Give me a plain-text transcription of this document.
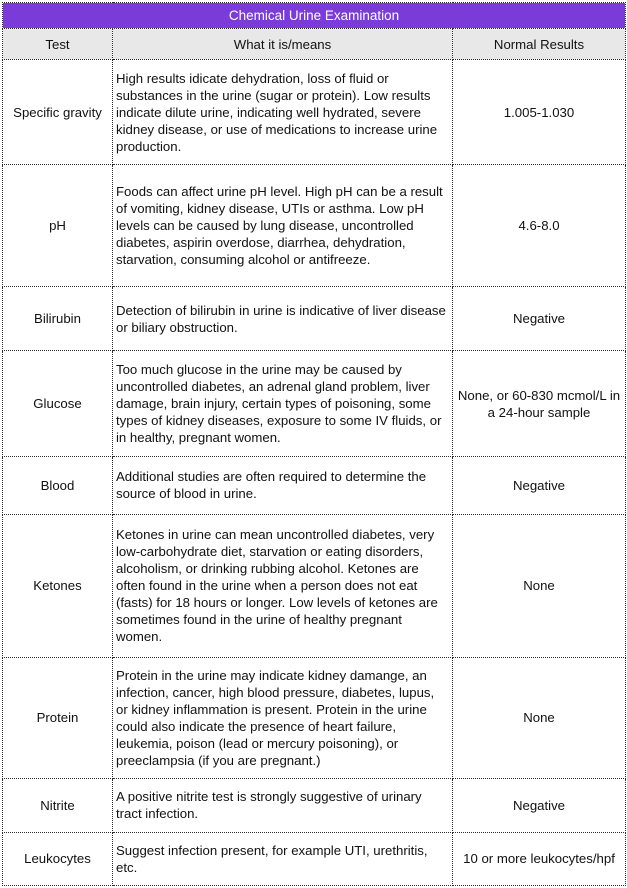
Chemical Urine Examination		
Test	What it is/means	Normal Results
Specific gravity	High results idicate dehydration, loss of fluid or substances in the urine (sugar or protein). Low results indicate dilute urine, indicating well hydrated, severe kidney disease, or use of medications to increase urine production.	1.005-1.030
pH	Foods can affect urine pH level. High pH can be a result of vomiting, kidney disease, UTIs or asthma. Low pH levels can be caused by lung disease, uncontrolled diabetes, aspirin overdose, diarrhea, dehydration, starvation, consuming alcohol or antifreeze.	4.6-8.0
Bilirubin	Detection of bilirubin in urine is indicative of liver disease or biliary obstruction.	Negative
Glucose	Too much glucose in the urine may be caused by uncontrolled diabetes, an adrenal gland problem, liver damage, brain injury, certain types of poisoning, some types of kidney diseases, exposure to some IV fluids, or in healthy, pregnant women.	None, or 60-830 mcmol/L in a 24-hour sample
Blood	Additional studies are often required to determine the source of blood in urine.	Negative
Ketones	Ketones in urine can mean uncontrolled diabetes, very low-carbohydrate diet, starvation or eating disorders, alcoholism, or drinking rubbing alcohol. Ketones are often found in the urine when a person does not eat (fasts) for 18 hours or longer. Low levels of ketones are sometimes found in the urine of healthy pregnant women.	None
Protein	Protein in the urine may indicate kidney damange, an infection, cancer, high blood pressure, diabetes, lupus, or kidney inflammation is present. Protein in the urine could also indicate the presence of heart failure, leukemia, poison (lead or mercury poisoning), or preeclampsia (if you are pregnant.)	None
Nitrite	A positive nitrite test is strongly suggestive of urinary tract infection.	Negative
Leukocytes	Suggest infection present, for example UTI, urethritis, etc.	10 or more leukocytes/hpf
